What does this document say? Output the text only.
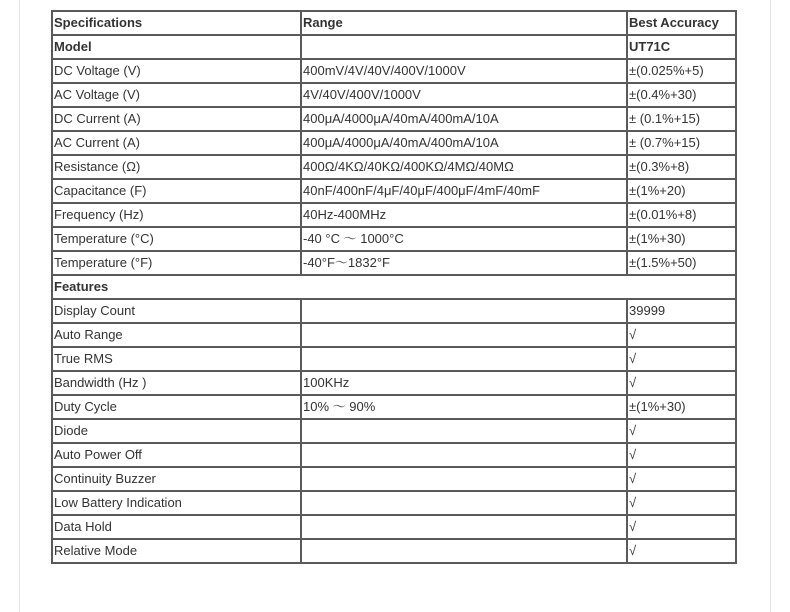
Specifications	Range	Best Accuracy
Model		UT71C
DC Voltage (V)	400mV/4V/40V/400V/1000V	±(0.025%+5)
AC Voltage (V)	4V/40V/400V/1000V	±(0.4%+30)
DC Current (A)	400μA/4000μA/40mA/400mA/10A	± (0.1%+15)
AC Current (A)	400μA/4000μA/40mA/400mA/10A	± (0.7%+15)
Resistance (Ω)	400Ω/4KΩ/40KΩ/400KΩ/4MΩ/40MΩ	±(0.3%+8)
Capacitance (F)	40nF/400nF/4μF/40μF/400μF/4mF/40mF	±(1%+20)
Frequency (Hz)	40Hz-400MHz	±(0.01%+8)
Temperature (°C)	-40 °C ～ 1000°C	±(1%+30)
Temperature (°F)	-40°F～1832°F	±(1.5%+50)
Features		
Display Count		39999
Auto Range		√
True RMS		√
Bandwidth (Hz )	100KHz	√
Duty Cycle	10% ～ 90%	±(1%+30)
Diode		√
Auto Power Off		√
Continuity Buzzer		√
Low Battery Indication		√
Data Hold		√
Relative Mode		√
